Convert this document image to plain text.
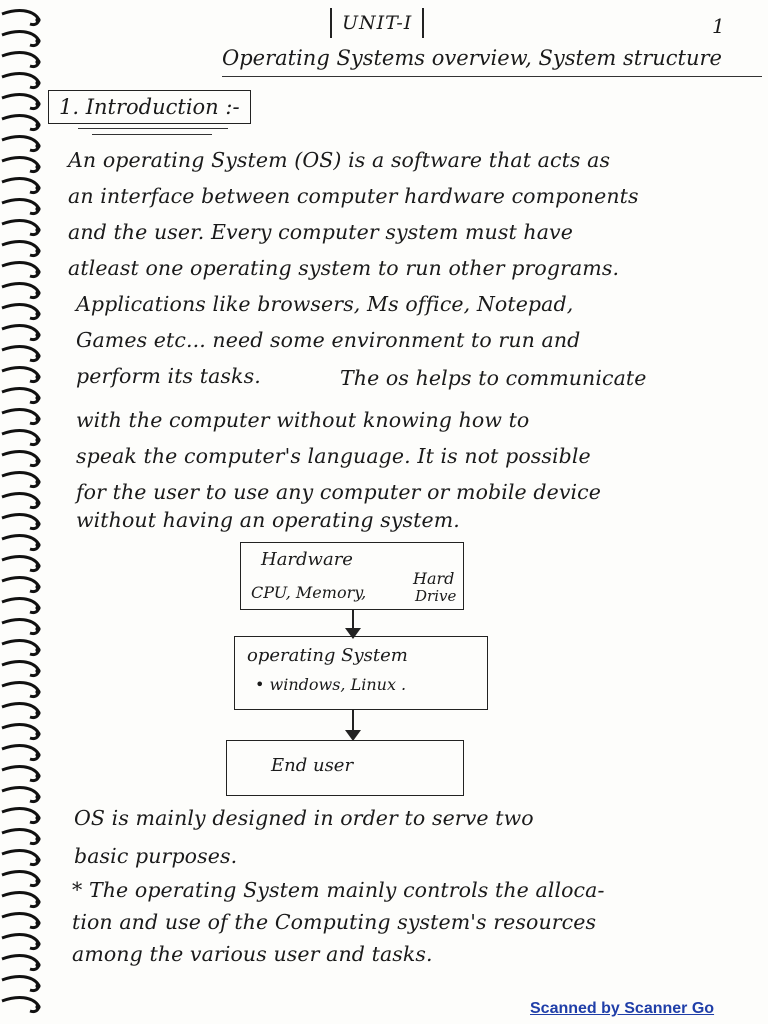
UNIT-I	1
Operating Systems overview, System structure
1. Introduction :-
An operating System (OS) is a software that acts as
an interface between computer hardware components
and the user. Every computer system must have
atleast one operating system to run other programs.
Applications like browsers, Ms office, Notepad,
Games etc... need some environment to run and
perform its tasks.	The os helps to communicate
with the computer without knowing how to
speak the computer's language. It is not possible
for the user to use any computer or mobile device
without having an operating system.
Hardware
CPU, Memory,
Hard
Drive
operating System
• windows, Linux .
End user
OS is mainly designed in order to serve two
basic purposes.
* The operating System mainly controls the alloca-
tion and use of the Computing system's resources
among the various user and tasks.
Scanned by Scanner Go
